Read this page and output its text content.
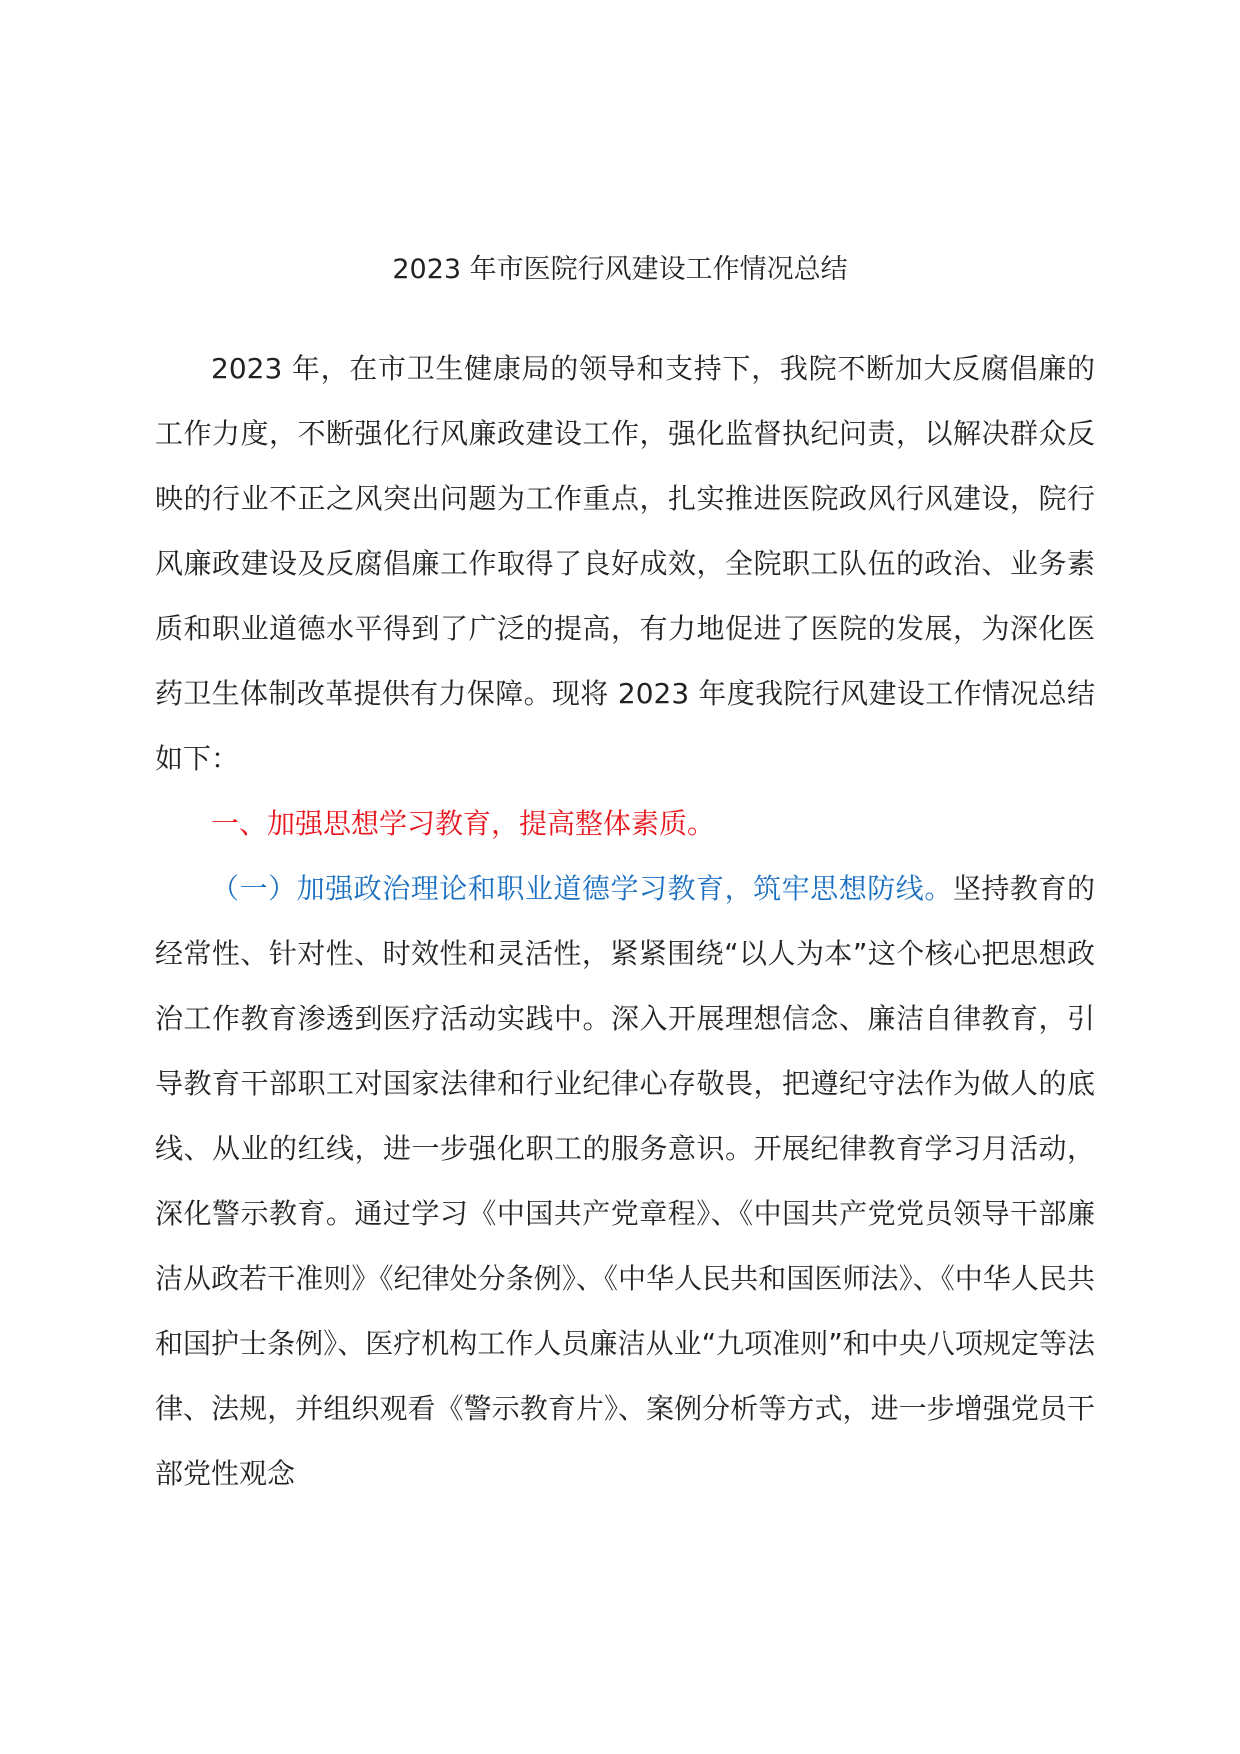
2023 年市医院行风建设工作情况总结

2023 年，在市卫生健康局的领导和支持下，我院不断加大反腐倡廉的工作力度，不断强化行风廉政建设工作，强化监督执纪问责，以解决群众反映的行业不正之风突出问题为工作重点，扎实推进医院政风行风建设，院行风廉政建设及反腐倡廉工作取得了良好成效，全院职工队伍的政治、业务素质和职业道德水平得到了广泛的提高，有力地促进了医院的发展，为深化医药卫生体制改革提供有力保障。现将 2023 年度我院行风建设工作情况总结如下：

一、加强思想学习教育，提高整体素质。

（一）加强政治理论和职业道德学习教育，筑牢思想防线。坚持教育的经常性、针对性、时效性和灵活性，紧紧围绕“以人为本”这个核心把思想政治工作教育渗透到医疗活动实践中。深入开展理想信念、廉洁自律教育，引导教育干部职工对国家法律和行业纪律心存敬畏，把遵纪守法作为做人的底线、从业的红线，进一步强化职工的服务意识。开展纪律教育学习月活动，深化警示教育。通过学习《中国共产党章程》、《中国共产党党员领导干部廉洁从政若干准则》《纪律处分条例》、《中华人民共和国医师法》、《中华人民共和国护士条例》、医疗机构工作人员廉洁从业“九项准则”和中央八项规定等法律、法规，并组织观看《警示教育片》、案例分析等方式，进一步增强党员干部党性观念
